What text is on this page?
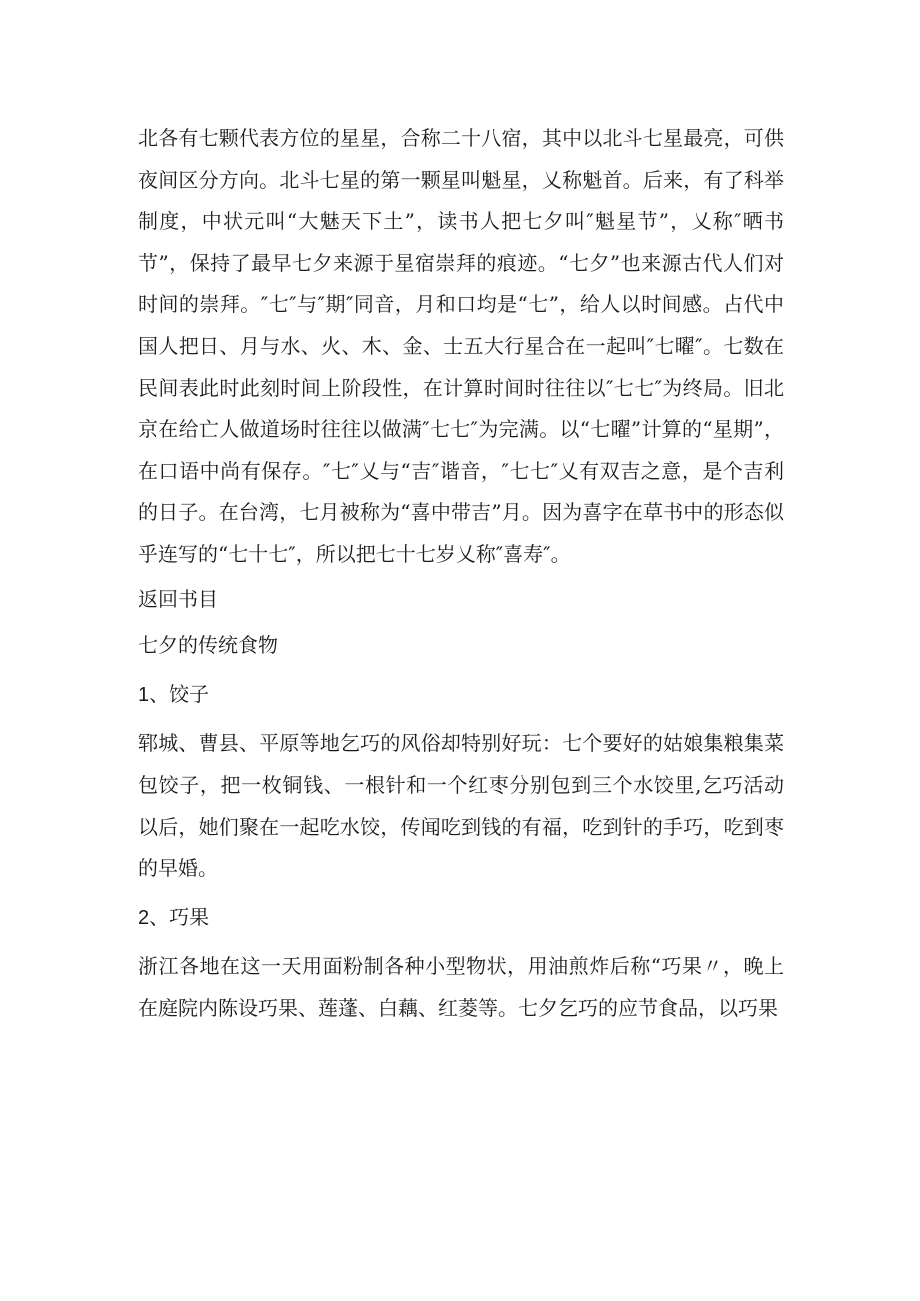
北各有七颗代表方位的星星，合称二十八宿，其中以北斗七星最亮，可供夜间区分方向。北斗七星的第一颗星叫魁星，乂称魁首。后来，有了科举制度，中状元叫“大魅天下土”，读书人把七夕叫″魁星节”，乂称″晒书节”，保持了最早七夕来源于星宿崇拜的痕迹。“七夕”也来源古代人们对时间的崇拜。″七″与″期″同音，月和口均是“七”，给人以时间感。占代中国人把日、月与水、火、木、金、士五大行星合在一起叫″七曜″。七数在民间表此时此刻时间上阶段性，在计算时间时往往以″七七″为终局。旧北京在给亡人做道场时往往以做满″七七″为完满。以“七曜”计算的“星期”，在口语中尚有保存。″七″乂与“吉″谐音，″七七″乂有双吉之意，是个吉利的日子。在台湾，七月被称为“喜中带吉”月。因为喜字在草书中的形态似乎连写的“七十七″，所以把七十七岁乂称″喜寿″。

返回书目

七夕的传统食物

1、饺子

郓城、曹县、平原等地乞巧的风俗却特别好玩：七个要好的姑娘集粮集菜包饺子，把一枚铜钱、一根针和一个红枣分别包到三个水饺里,乞巧活动以后，她们聚在一起吃水饺，传闻吃到钱的有福，吃到针的手巧，吃到枣的早婚。

2、巧果

浙江各地在这一天用面粉制各种小型物状，用油煎炸后称“巧果〃，晚上在庭院内陈设巧果、莲蓬、白藕、红菱等。七夕乞巧的应节食品，以巧果
